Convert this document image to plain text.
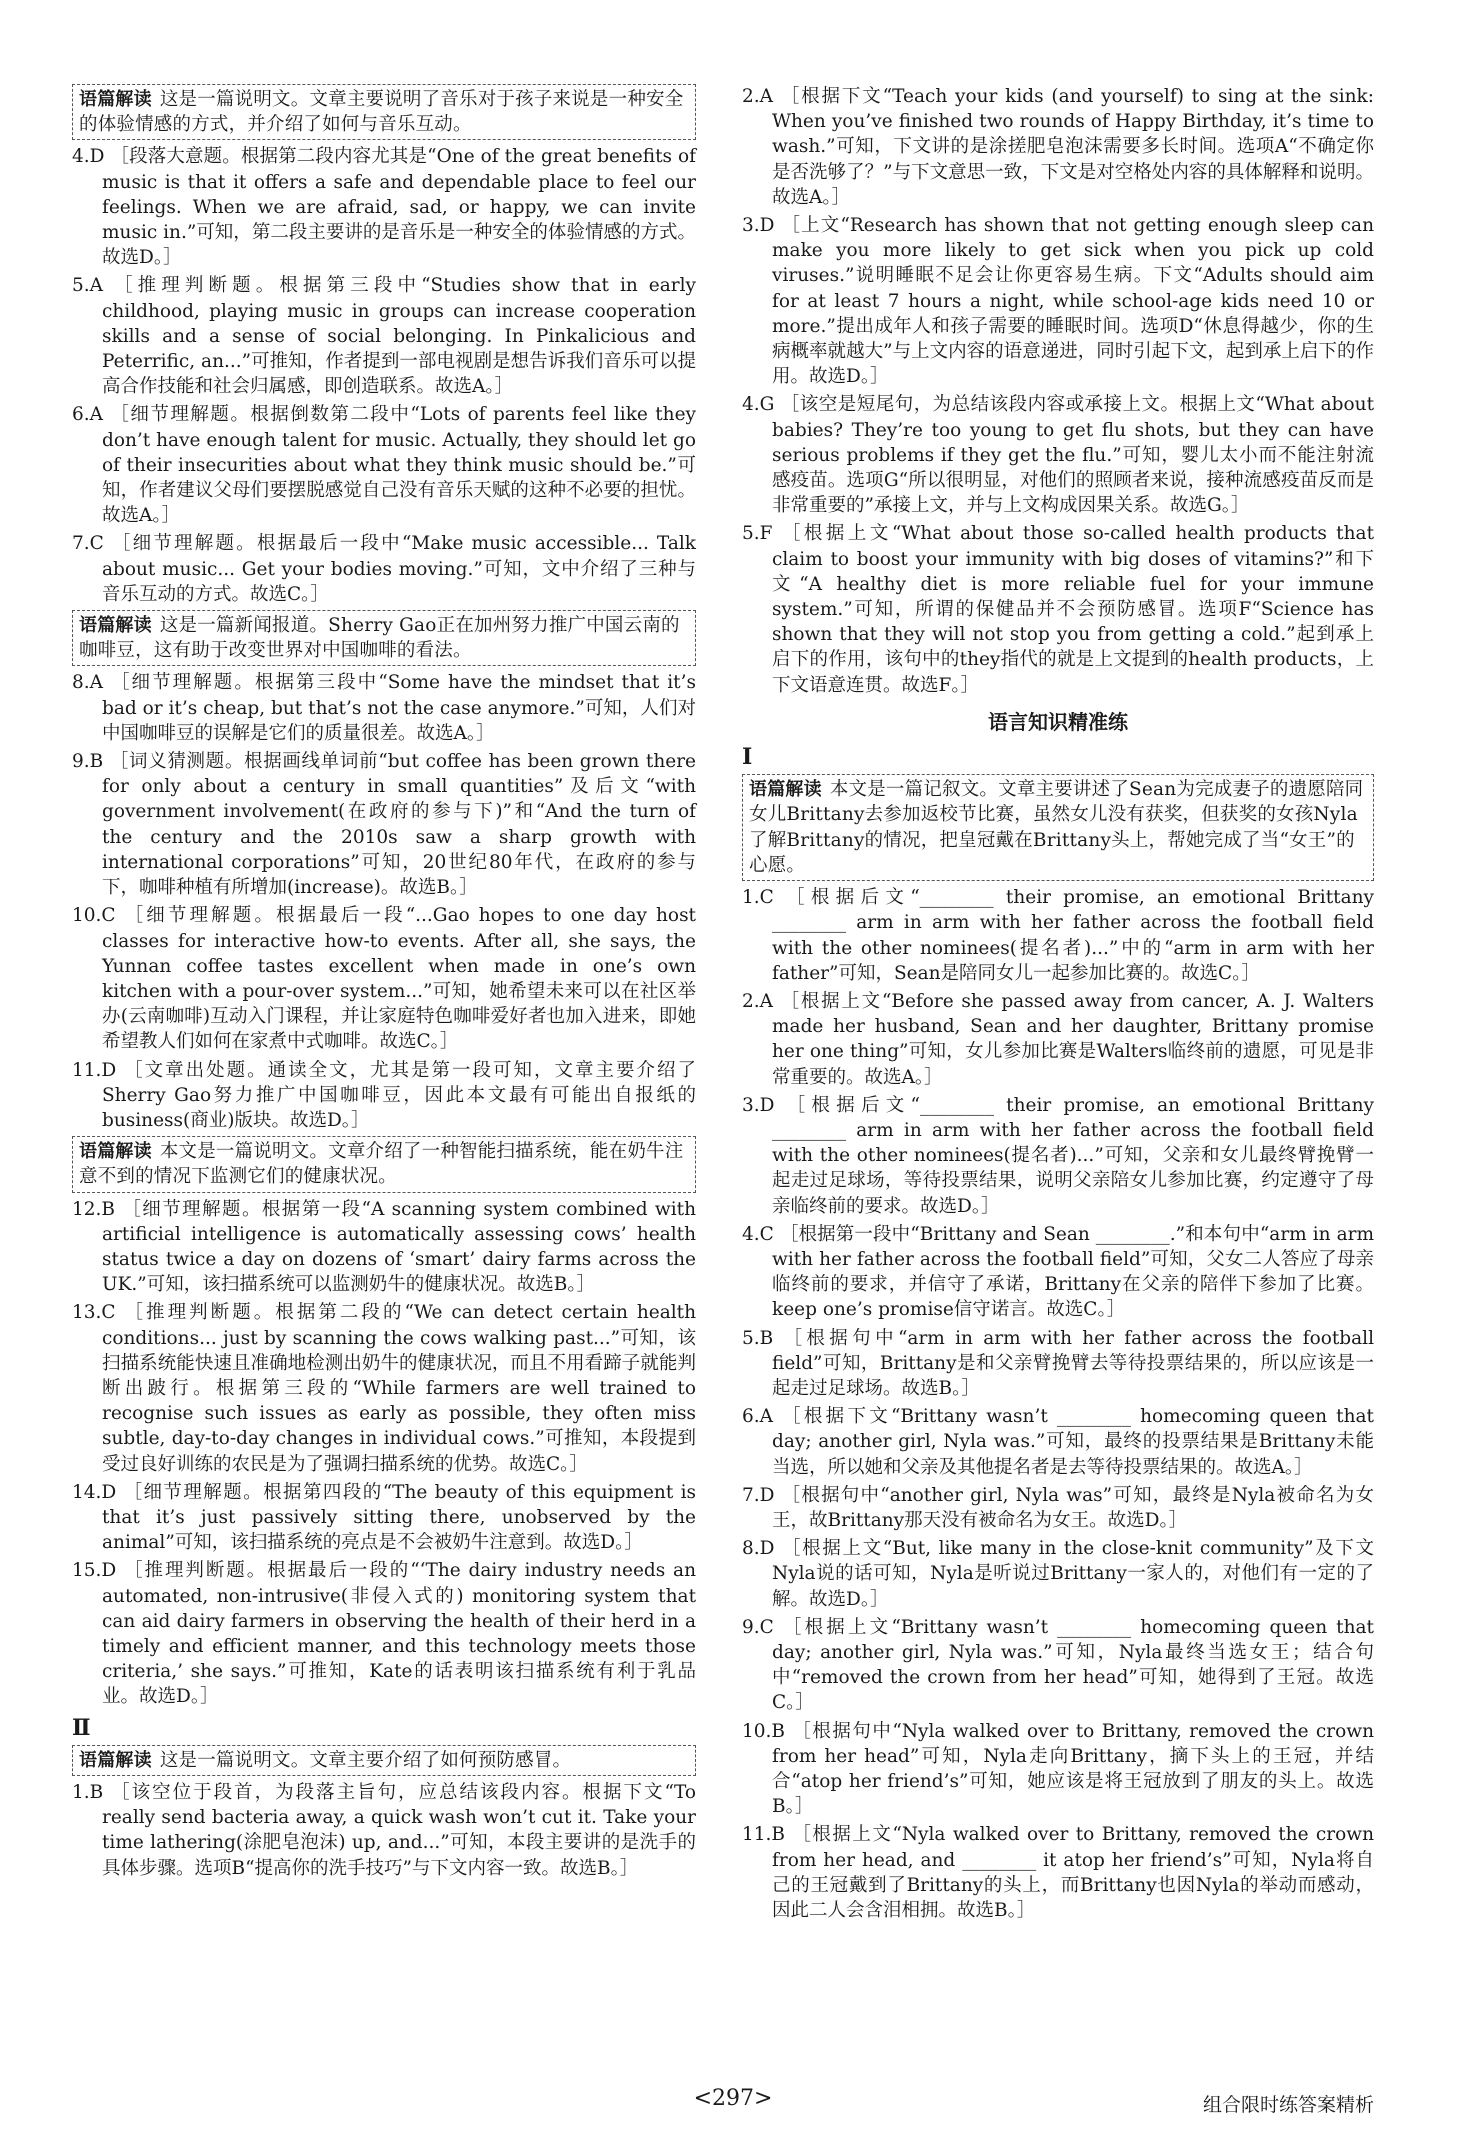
语篇解读 这是一篇说明文。文章主要说明了音乐对于孩子来说是一种安全的体验情感的方式，并介绍了如何与音乐互动。
4.D ［段落大意题。根据第二段内容尤其是“One of the great benefits of music is that it offers a safe and dependable place to feel our feelings. When we are afraid, sad, or happy, we can invite music in.”可知，第二段主要讲的是音乐是一种安全的体验情感的方式。故选D。］
5.A ［推理判断题。根据第三段中“Studies show that in early childhood, playing music in groups can increase cooperation skills and a sense of social belonging. In Pinkalicious and Peterrific, an...”可推知，作者提到一部电视剧是想告诉我们音乐可以提高合作技能和社会归属感，即创造联系。故选A。］
6.A ［细节理解题。根据倒数第二段中“Lots of parents feel like they don’t have enough talent for music. Actually, they should let go of their insecurities about what they think music should be.”可知，作者建议父母们要摆脱感觉自己没有音乐天赋的这种不必要的担忧。故选A。］
7.C ［细节理解题。根据最后一段中“Make music accessible... Talk about music... Get your bodies moving.”可知，文中介绍了三种与音乐互动的方式。故选C。］
语篇解读 这是一篇新闻报道。Sherry Gao正在加州努力推广中国云南的咖啡豆，这有助于改变世界对中国咖啡的看法。
8.A ［细节理解题。根据第三段中“Some have the mindset that it’s bad or it’s cheap, but that’s not the case anymore.”可知，人们对中国咖啡豆的误解是它们的质量很差。故选A。］
9.B ［词义猜测题。根据画线单词前“but coffee has been grown there for only about a century in small quantities”及后文“with government involvement(在政府的参与下)”和“And the turn of the century and the 2010s saw a sharp growth with international corporations”可知，20世纪80年代，在政府的参与下，咖啡种植有所增加(increase)。故选B。］
10.C ［细节理解题。根据最后一段“...Gao hopes to one day host classes for interactive how-to events. After all, she says, the Yunnan coffee tastes excellent when made in one’s own kitchen with a pour-over system...”可知，她希望未来可以在社区举办(云南咖啡)互动入门课程，并让家庭特色咖啡爱好者也加入进来，即她希望教人们如何在家煮中式咖啡。故选C。］
11.D ［文章出处题。通读全文，尤其是第一段可知，文章主要介绍了Sherry Gao努力推广中国咖啡豆，因此本文最有可能出自报纸的business(商业)版块。故选D。］
语篇解读 本文是一篇说明文。文章介绍了一种智能扫描系统，能在奶牛注意不到的情况下监测它们的健康状况。
12.B ［细节理解题。根据第一段“A scanning system combined with artificial intelligence is automatically assessing cows’ health status twice a day on dozens of ‘smart’ dairy farms across the UK.”可知，该扫描系统可以监测奶牛的健康状况。故选B。］
13.C ［推理判断题。根据第二段的“We can detect certain health conditions... just by scanning the cows walking past...”可知，该扫描系统能快速且准确地检测出奶牛的健康状况，而且不用看蹄子就能判断出跛行。根据第三段的“While farmers are well trained to recognise such issues as early as possible, they often miss subtle, day-to-day changes in individual cows.”可推知，本段提到受过良好训练的农民是为了强调扫描系统的优势。故选C。］
14.D ［细节理解题。根据第四段的“The beauty of this equipment is that it’s just passively sitting there, unobserved by the animal”可知，该扫描系统的亮点是不会被奶牛注意到。故选D。］
15.D ［推理判断题。根据最后一段的“‘The dairy industry needs an automated, non-intrusive(非侵入式的) monitoring system that can aid dairy farmers in observing the health of their herd in a timely and efficient manner, and this technology meets those criteria,’ she says.”可推知，Kate的话表明该扫描系统有利于乳品业。故选D。］
Ⅱ
语篇解读 这是一篇说明文。文章主要介绍了如何预防感冒。
1.B ［该空位于段首，为段落主旨句，应总结该段内容。根据下文“To really send bacteria away, a quick wash won’t cut it. Take your time lathering(涂肥皂泡沫) up, and...”可知，本段主要讲的是洗手的具体步骤。选项B“提高你的洗手技巧”与下文内容一致。故选B。］
2.A ［根据下文“Teach your kids (and yourself) to sing at the sink: When you’ve finished two rounds of Happy Birthday, it’s time to wash.”可知，下文讲的是涂搓肥皂泡沫需要多长时间。选项A“不确定你是否洗够了？”与下文意思一致，下文是对空格处内容的具体解释和说明。故选A。］
3.D ［上文“Research has shown that not getting enough sleep can make you more likely to get sick when you pick up cold viruses.”说明睡眠不足会让你更容易生病。下文“Adults should aim for at least 7 hours a night, while school-age kids need 10 or more.”提出成年人和孩子需要的睡眠时间。选项D“休息得越少，你的生病概率就越大”与上文内容的语意递进，同时引起下文，起到承上启下的作用。故选D。］
4.G ［该空是短尾句，为总结该段内容或承接上文。根据上文“What about babies? They’re too young to get flu shots, but they can have serious problems if they get the flu.”可知，婴儿太小而不能注射流感疫苗。选项G“所以很明显，对他们的照顾者来说，接种流感疫苗反而是非常重要的”承接上文，并与上文构成因果关系。故选G。］
5.F ［根据上文“What about those so-called health products that claim to boost your immunity with big doses of vitamins?”和下文“A healthy diet is more reliable fuel for your immune system.”可知，所谓的保健品并不会预防感冒。选项F“Science has shown that they will not stop you from getting a cold.”起到承上启下的作用，该句中的they指代的就是上文提到的health products，上下文语意连贯。故选F。］
语言知识精准练
Ⅰ
语篇解读 本文是一篇记叙文。文章主要讲述了Sean为完成妻子的遗愿陪同女儿Brittany去参加返校节比赛，虽然女儿没有获奖，但获奖的女孩Nyla了解Brittany的情况，把皇冠戴在Brittany头上，帮她完成了当“女王”的心愿。
1.C ［根据后文“________ their promise, an emotional Brittany ________ arm in arm with her father across the football field with the other nominees(提名者)...”中的“arm in arm with her father”可知，Sean是陪同女儿一起参加比赛的。故选C。］
2.A ［根据上文“Before she passed away from cancer, A. J. Walters made her husband, Sean and her daughter, Brittany promise her one thing”可知，女儿参加比赛是Walters临终前的遗愿，可见是非常重要的。故选A。］
3.D ［根据后文“________ their promise, an emotional Brittany ________ arm in arm with her father across the football field with the other nominees(提名者)...”可知，父亲和女儿最终臂挽臂一起走过足球场，等待投票结果，说明父亲陪女儿参加比赛，约定遵守了母亲临终前的要求。故选D。］
4.C ［根据第一段中“Brittany and Sean ________.”和本句中“arm in arm with her father across the football field”可知，父女二人答应了母亲临终前的要求，并信守了承诺，Brittany在父亲的陪伴下参加了比赛。keep one’s promise信守诺言。故选C。］
5.B ［根据句中“arm in arm with her father across the football field”可知，Brittany是和父亲臂挽臂去等待投票结果的，所以应该是一起走过足球场。故选B。］
6.A ［根据下文“Brittany wasn’t ________ homecoming queen that day; another girl, Nyla was.”可知，最终的投票结果是Brittany未能当选，所以她和父亲及其他提名者是去等待投票结果的。故选A。］
7.D ［根据句中“another girl, Nyla was”可知，最终是Nyla被命名为女王，故Brittany那天没有被命名为女王。故选D。］
8.D ［根据上文“But, like many in the close-knit community”及下文Nyla说的话可知，Nyla是听说过Brittany一家人的，对他们有一定的了解。故选D。］
9.C ［根据上文“Brittany wasn’t ________ homecoming queen that day; another girl, Nyla was.”可知，Nyla最终当选女王；结合句中“removed the crown from her head”可知，她得到了王冠。故选C。］
10.B ［根据句中“Nyla walked over to Brittany, removed the crown from her head”可知，Nyla走向Brittany，摘下头上的王冠，并结合“atop her friend’s”可知，她应该是将王冠放到了朋友的头上。故选B。］
11.B ［根据上文“Nyla walked over to Brittany, removed the crown from her head, and ________ it atop her friend’s”可知，Nyla将自己的王冠戴到了Brittany的头上，而Brittany也因Nyla的举动而感动，因此二人会含泪相拥。故选B。］
<297>	组合限时练答案精析
